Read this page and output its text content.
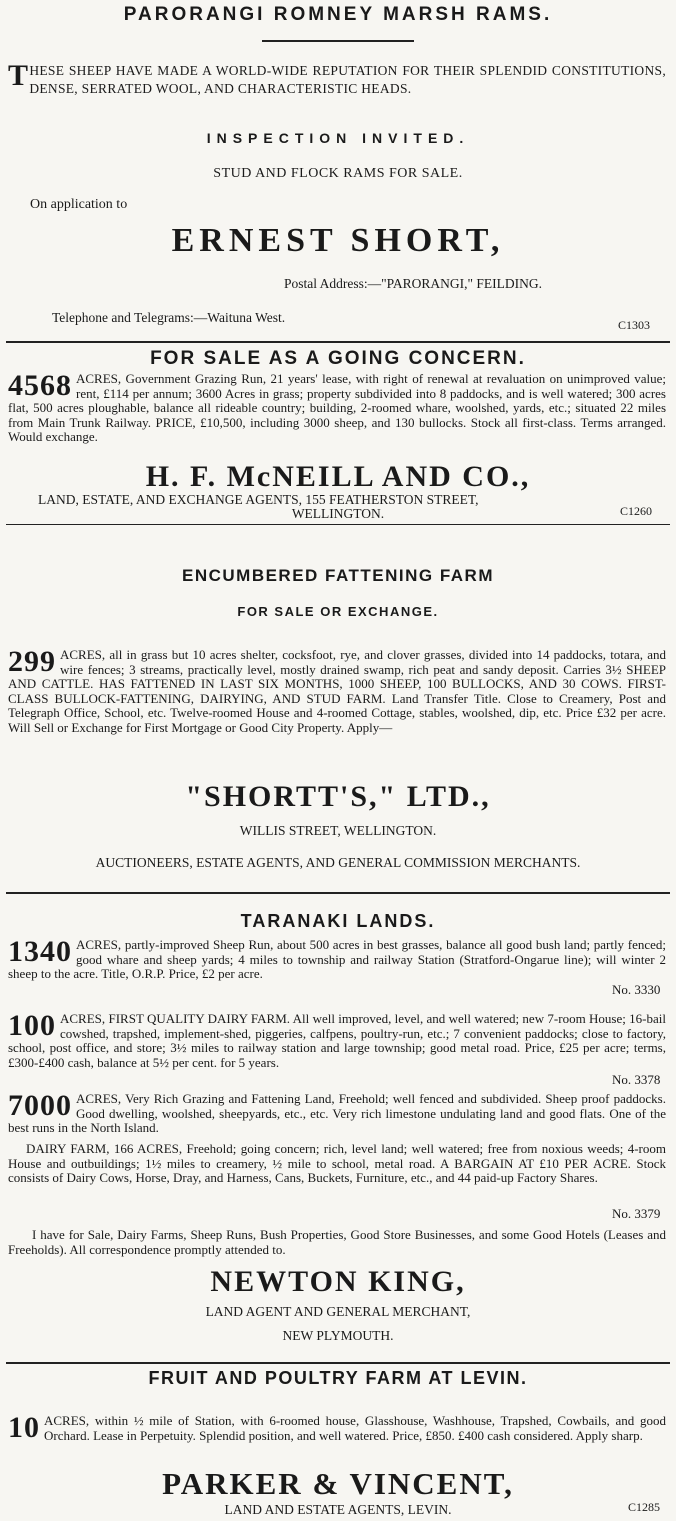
PARORANGI ROMNEY MARSH RAMS.
THESE SHEEP HAVE MADE A WORLD-WIDE REPUTATION FOR THEIR SPLENDID CONSTITUTIONS, DENSE, SERRATED WOOL, AND CHARACTERISTIC HEADS.
INSPECTION INVITED.
STUD AND FLOCK RAMS FOR SALE.
On application to
ERNEST SHORT,
Postal Address:—"PARORANGI," FEILDING.
Telephone and Telegrams:—Waituna West.	C1303
FOR SALE AS A GOING CONCERN.
4568 ACRES, Government Grazing Run, 21 years' lease, with right of renewal at revaluation on unimproved value; rent, £114 per annum; 3600 Acres in grass; property subdivided into 8 paddocks, and is well watered; 300 acres flat, 500 acres ploughable, balance all rideable country; building, 2-roomed whare, woolshed, yards, etc.; situated 22 miles from Main Trunk Railway. PRICE, £10,500, including 3000 sheep, and 130 bullocks. Stock all first-class. Terms arranged. Would exchange.
H. F. McNEILL AND CO.,
LAND, ESTATE, AND EXCHANGE AGENTS, 155 FEATHERSTON STREET,
WELLINGTON.	C1260
ENCUMBERED FATTENING FARM
FOR SALE OR EXCHANGE.
299 ACRES, all in grass but 10 acres shelter, cocksfoot, rye, and clover grasses, divided into 14 paddocks, totara, and wire fences; 3 streams, practically level, mostly drained swamp, rich peat and sandy deposit. Carries 3½ SHEEP AND CATTLE. HAS FATTENED IN LAST SIX MONTHS, 1000 SHEEP, 100 BULLOCKS, AND 30 COWS. FIRST-CLASS BULLOCK-FATTENING, DAIRYING, AND STUD FARM. Land Transfer Title. Close to Creamery, Post and Telegraph Office, School, etc. Twelve-roomed House and 4-roomed Cottage, stables, woolshed, dip, etc. Price £32 per acre. Will Sell or Exchange for First Mortgage or Good City Property. Apply—
"SHORTT'S," LTD.,
WILLIS STREET, WELLINGTON.
AUCTIONEERS, ESTATE AGENTS, AND GENERAL COMMISSION MERCHANTS.
TARANAKI LANDS.
1340 ACRES, partly-improved Sheep Run, about 500 acres in best grasses, balance all good bush land; partly fenced; good whare and sheep yards; 4 miles to township and railway Station (Stratford-Ongarue line); will winter 2 sheep to the acre. Title, O.R.P. Price, £2 per acre.
No. 3330
100 ACRES, FIRST QUALITY DAIRY FARM. All well improved, level, and well watered; new 7-room House; 16-bail cowshed, trapshed, implement-shed, piggeries, calfpens, poultry-run, etc.; 7 convenient paddocks; close to factory, school, post office, and store; 3½ miles to railway station and large township; good metal road. Price, £25 per acre; terms, £300-£400 cash, balance at 5½ per cent. for 5 years.
No. 3378
7000 ACRES, Very Rich Grazing and Fattening Land, Freehold; well fenced and subdivided. Sheep proof paddocks. Good dwelling, woolshed, sheepyards, etc., etc. Very rich limestone undulating land and good flats. One of the best runs in the North Island.
DAIRY FARM, 166 ACRES, Freehold; going concern; rich, level land; well watered; free from noxious weeds; 4-room House and outbuildings; 1½ miles to creamery, ½ mile to school, metal road. A BARGAIN AT £10 PER ACRE. Stock consists of Dairy Cows, Horse, Dray, and Harness, Cans, Buckets, Furniture, etc., and 44 paid-up Factory Shares.
No. 3379
I have for Sale, Dairy Farms, Sheep Runs, Bush Properties, Good Store Businesses, and some Good Hotels (Leases and Freeholds). All correspondence promptly attended to.
NEWTON KING,
LAND AGENT AND GENERAL MERCHANT,
NEW PLYMOUTH.
FRUIT AND POULTRY FARM AT LEVIN.
10 ACRES, within ½ mile of Station, with 6-roomed house, Glasshouse, Washhouse, Trapshed, Cowbails, and good Orchard. Lease in Perpetuity. Splendid position, and well watered. Price, £850. £400 cash considered. Apply sharp.
PARKER & VINCENT,
LAND AND ESTATE AGENTS, LEVIN.	C1285
